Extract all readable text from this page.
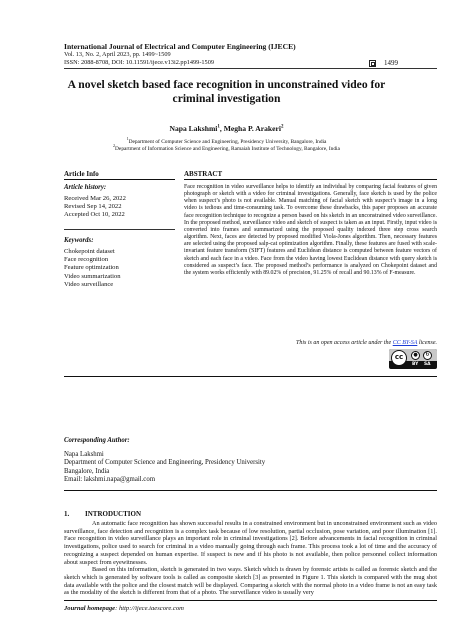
International Journal of Electrical and Computer Engineering (IJECE)
Vol. 13, No. 2, April 2023, pp. 1499~1509
ISSN: 2088-8708, DOI: 10.11591/ijece.v13i2.pp1499-1509	1499
A novel sketch based face recognition in unconstrained video for criminal investigation
Napa Lakshmi$^1$, Megha P. Arakeri$^2$
$^1$Department of Computer Science and Engineering, Presidency University, Bangalore, India
$^2$Department of Information Science and Engineering, Ramaiah Institute of Technology, Bangalore, India
Article Info	ABSTRACT
Article history:
Received Mar 26, 2022
Revised Sep 14, 2022
Accepted Oct 10, 2022
Keywords:
Chokepoint dataset
Face recognition
Feature optimization
Video summarization
Video surveillance
Face recognition in video surveillance helps to identify an individual by comparing facial features of given photograph or sketch with a video for criminal investigations. Generally, face sketch is used by the police when suspect’s photo is not available. Manual matching of facial sketch with suspect’s image in a long video is tedious and time-consuming task. To overcome these drawbacks, this paper proposes an accurate face recognition technique to recognize a person based on his sketch in an unconstrained video surveillance. In the proposed method, surveillance video and sketch of suspect is taken as an input. Firstly, input video is converted into frames and summarized using the proposed quality indexed three step cross search algorithm. Next, faces are detected by proposed modified Viola-Jones algorithm. Then, necessary features are selected using the proposed salp-cat optimization algorithm. Finally, these features are fused with scale-invariant feature transform (SIFT) features and Euclidean distance is computed between feature vectors of sketch and each face in a video. Face from the video having lowest Euclidean distance with query sketch is considered as suspect’s face. The proposed method’s performance is analyzed on Chokepoint dataset and the system works efficiently with 89.02% of precision, 91.25% of recall and 90.13% of F-measure.
This is an open access article under the CC BY-SA license.
cc	●	↻
BY SA
Corresponding Author:
Napa Lakshmi
Department of Computer Science and Engineering, Presidency University
Bangalore, India
Email: lakshmi.napa@gmail.com
1. INTRODUCTION

An automatic face recognition has shown successful results in a constrained environment but in unconstrained environment such as video surveillance, face detection and recognition is a complex task because of low resolution, partial occlusion, pose variation, and poor illumination [1]. Face recognition in video surveillance plays an important role in criminal investigations [2]. Before advancements in facial recognition in criminal investigations, police used to search for criminal in a video manually going through each frame. This process took a lot of time and the accuracy of recognizing a suspect depended on human expertise. If suspect is new and if his photo is not available, then police personnel collect information about suspect from eyewitnesses.

Based on this information, sketch is generated in two ways. Sketch which is drawn by forensic artists is called as forensic sketch and the sketch which is generated by software tools is called as composite sketch [3] as presented in Figure 1. This sketch is compared with the mug shot data available with the police and the closest match will be displayed. Comparing a sketch with the normal photo in a video frame is not an easy task as the modality of the sketch is different from that of a photo. The surveillance video is usually very

Journal homepage: http://ijece.iaescore.com
